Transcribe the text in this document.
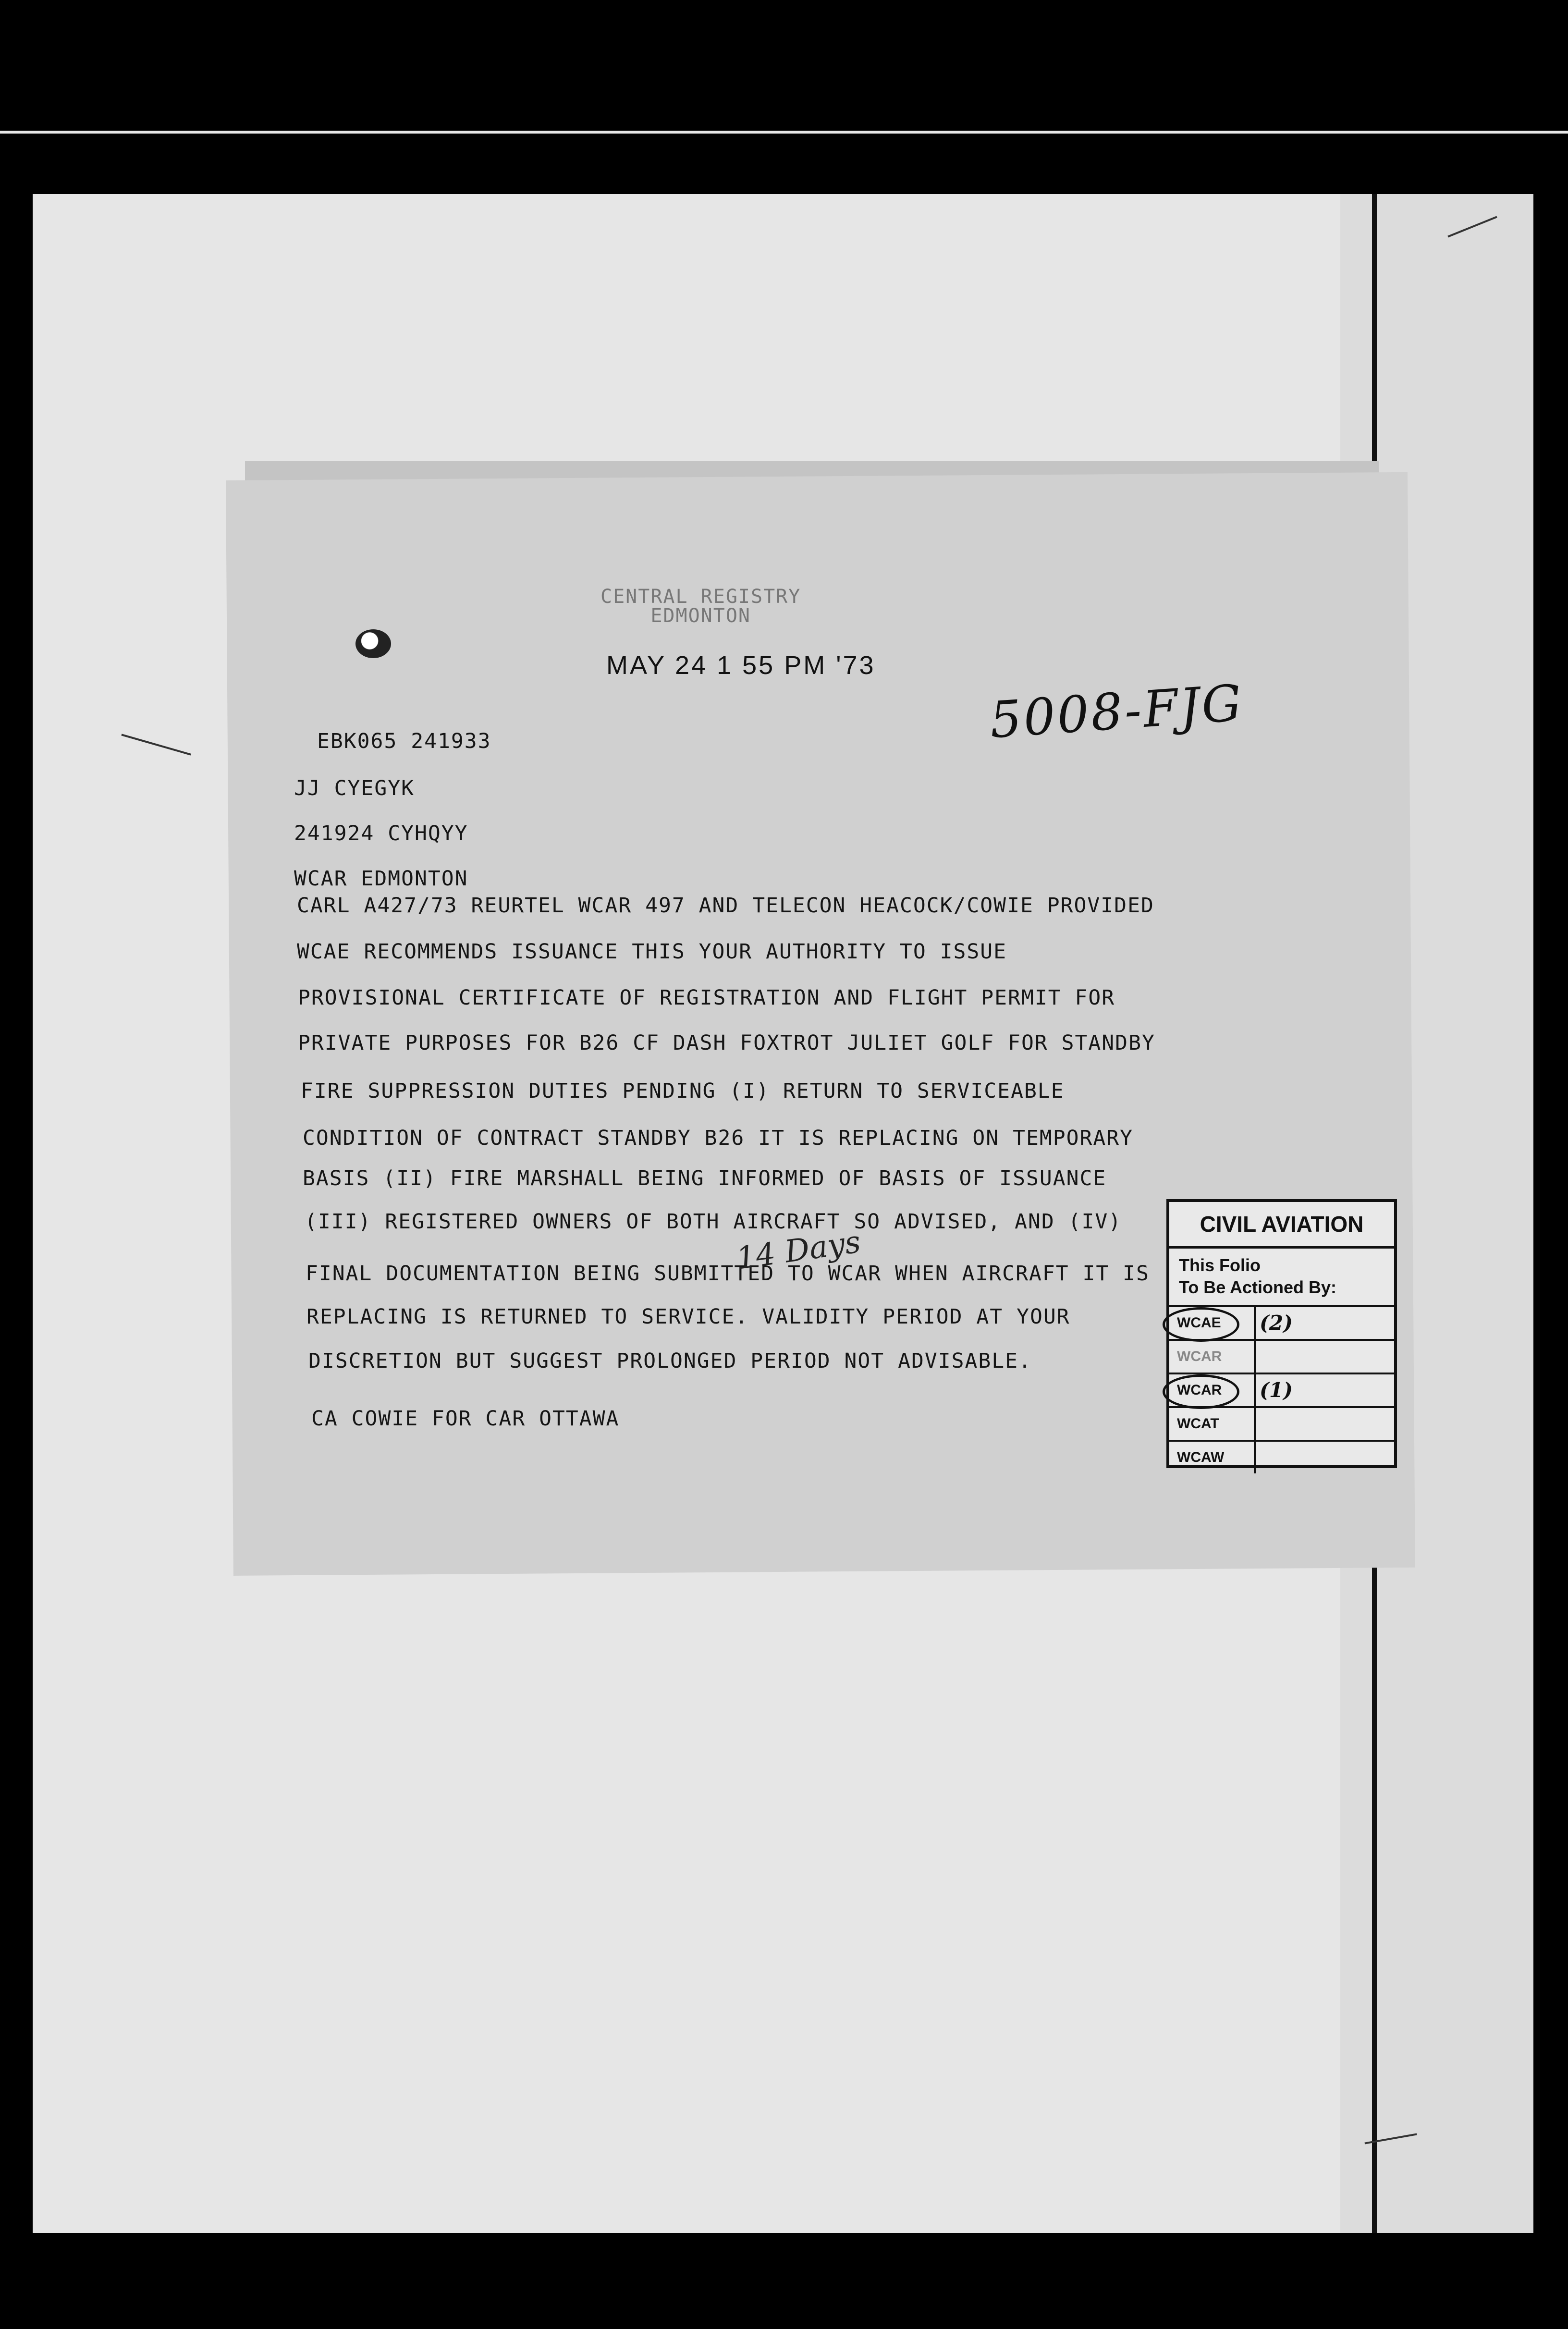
CENTRAL REGISTRY
EDMONTON
MAY 24 1 55 PM '73
5008-FJG
EBK065 241933
JJ CYEGYK
241924 CYHQYY
WCAR EDMONTON
CARL A427/73 REURTEL WCAR 497 AND TELECON HEACOCK/COWIE PROVIDED
WCAE RECOMMENDS ISSUANCE THIS YOUR AUTHORITY TO ISSUE
PROVISIONAL CERTIFICATE OF REGISTRATION AND FLIGHT PERMIT FOR
PRIVATE PURPOSES FOR B26 CF DASH FOXTROT JULIET GOLF FOR STANDBY
FIRE SUPPRESSION DUTIES PENDING (I) RETURN TO SERVICEABLE
CONDITION OF CONTRACT STANDBY B26 IT IS REPLACING ON TEMPORARY
BASIS (II) FIRE MARSHALL BEING INFORMED OF BASIS OF ISSUANCE
(III) REGISTERED OWNERS OF BOTH AIRCRAFT SO ADVISED, AND (IV)
FINAL DOCUMENTATION BEING SUBMITTED TO WCAR WHEN AIRCRAFT IT IS
REPLACING IS RETURNED TO SERVICE. VALIDITY PERIOD AT YOUR
DISCRETION BUT SUGGEST PROLONGED PERIOD NOT ADVISABLE.
CA COWIE FOR CAR OTTAWA
14 Days
CIVIL AVIATION
This Folio
To Be Actioned By:
WCAE	(2)
WCAR
WCAR	(1)
WCAT
WCAW
